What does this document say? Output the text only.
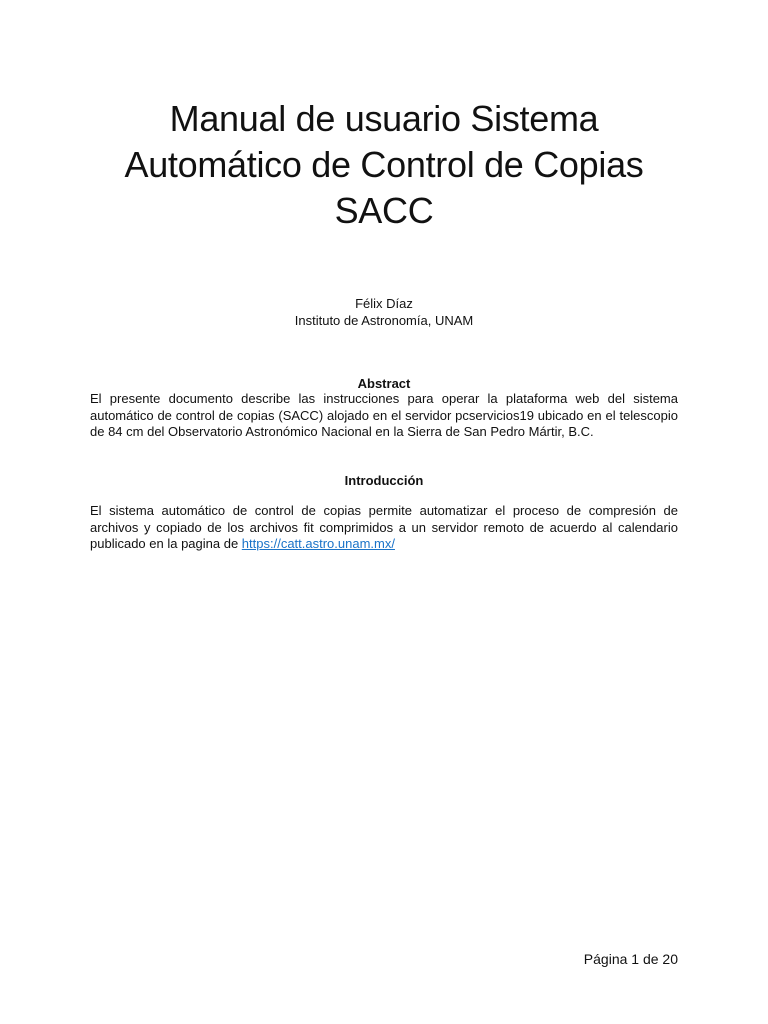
Manual de usuario Sistema Automático de Control de Copias SACC
Félix Díaz
Instituto de Astronomía, UNAM
Abstract

El presente documento describe las instrucciones para operar la plataforma web del sistema automático de control de copias (SACC) alojado en el servidor pcservicios19 ubicado en el telescopio de 84 cm del Observatorio Astronómico Nacional en la Sierra de San Pedro Mártir, B.C.

Introducción

El sistema automático de control de copias permite automatizar el proceso de compresión de archivos y copiado de los archivos fit comprimidos a un servidor remoto de acuerdo al calendario publicado en la pagina de https://catt.astro.unam.mx/

Página 1 de 20
